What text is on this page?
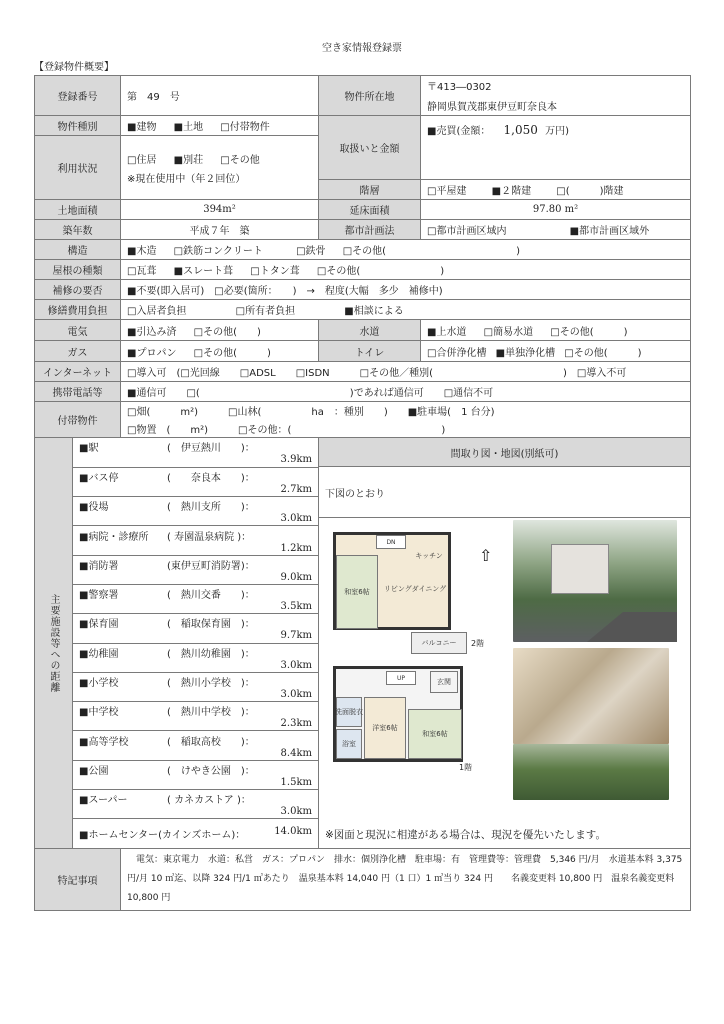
空き家情報登録票
【登録物件概要】
登録番号	第　49　号	物件所在地	
〒413―0302
静岡県賀茂郡東伊豆町奈良本

物件種別	■建物 ■土地 □付帯物件	取扱いと金額	■売買(金額： 1,050 万円)
利用状況	□住居 ■別荘 □その他
※現在使用中（年２回位）

階層	□平屋建	■２階建	□(　　　)階建
土地面積	394m²	延床面積	97.80 m²
築年数	平成７年　築	都市計画法	□都市計画区域内	■都市計画区域外
構造	■木造 □鉄筋コンクリート	□鉄骨 □その他(　　　　　　　　　　　　　)
屋根の種類	□瓦葺 ■スレート葺 □トタン葺 □その他(　　　　　　　　)
補修の要否	■不要(即入居可)　□必要(箇所：　　)　→　程度(大幅　多少　補修中)
修繕費用負担	□入居者負担	□所有者負担	■相談による
電気	■引込み済 □その他(　　)	水道	■上水道 □簡易水道 □その他(　　　)
ガス	■プロパン □その他(　　　)	トイレ	□合併浄化槽 ■単独浄化槽 □その他(　　　)
インターネット	□導入可　(□光回線　　□ADSL　　□ISDN　　　□その他／種別(　　　　　　　　　　　　　)　□導入不可
携帯電話等	■通信可　　□(　　　　　　　　　　　　　　　)であれば通信可　　□通信不可
付帯物件	
□畑(　　　m²)　　　□山林(　　　　　ha　：種別　　)　　■駐車場(　1 台分)
□物置　(　　m²)　　　□その他：(　　　　　　　　　　　　　　　)

主要施設等への距離
■駅	(　伊豆熱川　　)：
3.9km

■バス停	(　　奈良本　　)：
2.7km

■役場	(　熱川支所　　)：
3.0km

■病院・診療所 ( 寿園温泉病院 )：
1.2km

■消防署	(東伊豆町消防署)：
9.0km

■警察署	(　熱川交番　　)：
3.5km

■保育園	(　稲取保育園　)：
9.7km

■幼稚園	(　熱川幼稚園　)：
3.0km

■小学校	(　熱川小学校　)：
3.0km

■中学校	(　熱川中学校　)：
2.3km

■高等学校	(　稲取高校　　)：
8.4km

■公園	(　けやき公園　)：
1.5km

■スーパー	( カネカストア )：
3.0km

■ホームセンター(カインズホーム)：	14.0km

間取り図・地図(別紙可)
下図のとおり
和室6帖	リビングダイニング
キッチン
DN
バルコニー	2階
⇧
洋室6帖
和室6帖
玄関
洗面脱衣
浴室
UP
1階
※図面と現況に相違がある場合は、現況を優先いたします。

特記事項	　電気：東京電力　水道：私営　ガス：プロパン　排水：個別浄化槽　駐車場：有　管理費等：管理費　5,346 円/月　水道基本料 3,375 円/月 10 ㎥迄、以降 324 円/1 ㎥あたり　温泉基本料 14,040 円（1 口）1 ㎥当り 324 円　　名義変更料 10,800 円　温泉名義変更料 10,800 円
